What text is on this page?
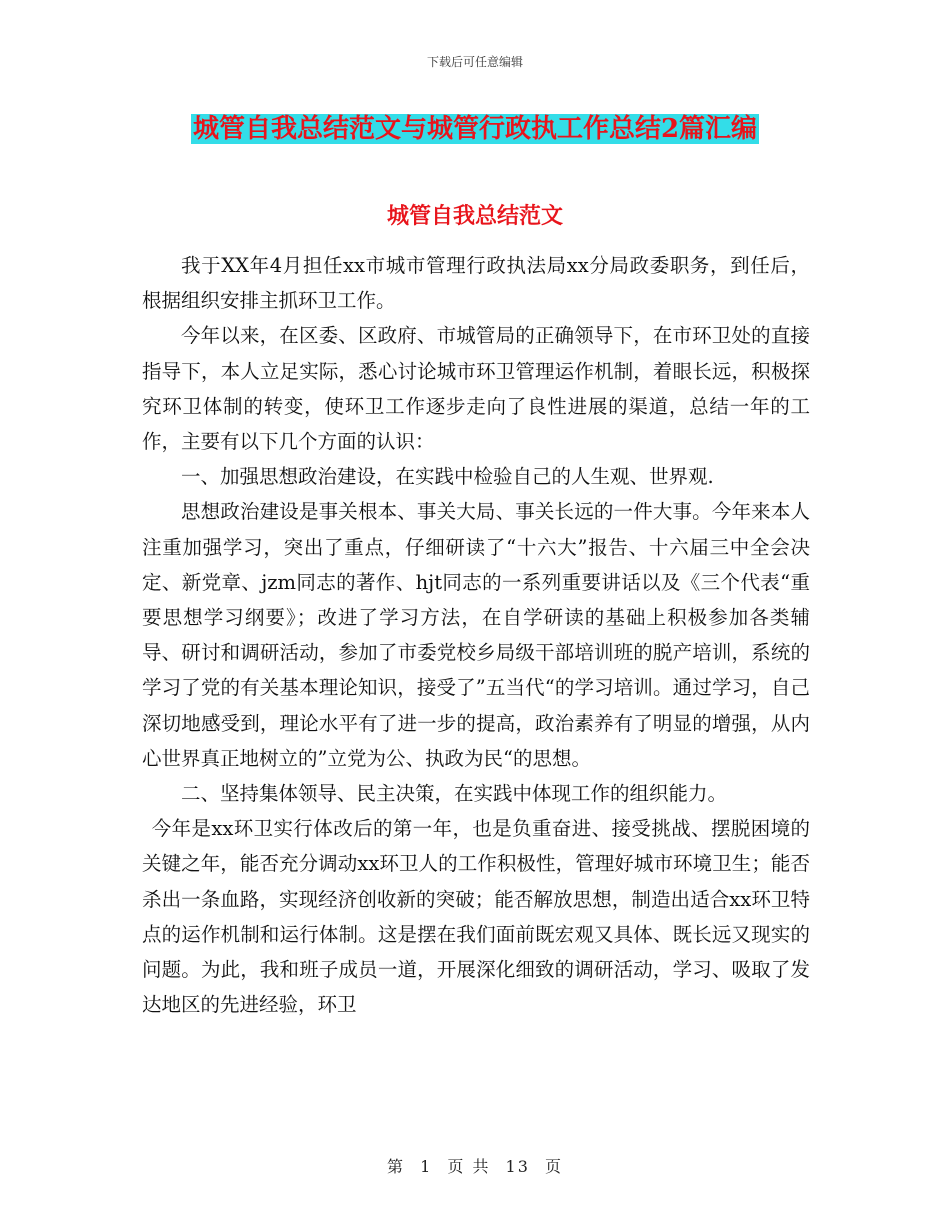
下载后可任意编辑
城管自我总结范文与城管行政执工作总结2篇汇编
城管自我总结范文

我于XX年4月担任xx市城市管理行政执法局xx分局政委职务，到任后，根据组织安排主抓环卫工作。

今年以来，在区委、区政府、市城管局的正确领导下，在市环卫处的直接指导下，本人立足实际，悉心讨论城市环卫管理运作机制，着眼长远，积极探究环卫体制的转变，使环卫工作逐步走向了良性进展的渠道，总结一年的工作，主要有以下几个方面的认识：

一、加强思想政治建设，在实践中检验自己的人生观、世界观.

思想政治建设是事关根本、事关大局、事关长远的一件大事。今年来本人注重加强学习，突出了重点，仔细研读了“十六大”报告、十六届三中全会决定、新党章、jzm同志的著作、hjt同志的一系列重要讲话以及《三个代表“重要思想学习纲要》；改进了学习方法，在自学研读的基础上积极参加各类辅导、研讨和调研活动，参加了市委党校乡局级干部培训班的脱产培训，系统的学习了党的有关基本理论知识，接受了”五当代“的学习培训。通过学习，自己深切地感受到，理论水平有了进一步的提高，政治素养有了明显的增强，从内心世界真正地树立的”立党为公、执政为民“的思想。

二、坚持集体领导、民主决策，在实践中体现工作的组织能力。

今年是xx环卫实行体改后的第一年，也是负重奋进、接受挑战、摆脱困境的关键之年，能否充分调动xx环卫人的工作积极性，管理好城市环境卫生；能否杀出一条血路，实现经济创收新的突破；能否解放思想，制造出适合xx环卫特点的运作机制和运行体制。这是摆在我们面前既宏观又具体、既长远又现实的问题。为此，我和班子成员一道，开展深化细致的调研活动，学习、吸取了发达地区的先进经验，环卫

第 1 页 共 13 页
